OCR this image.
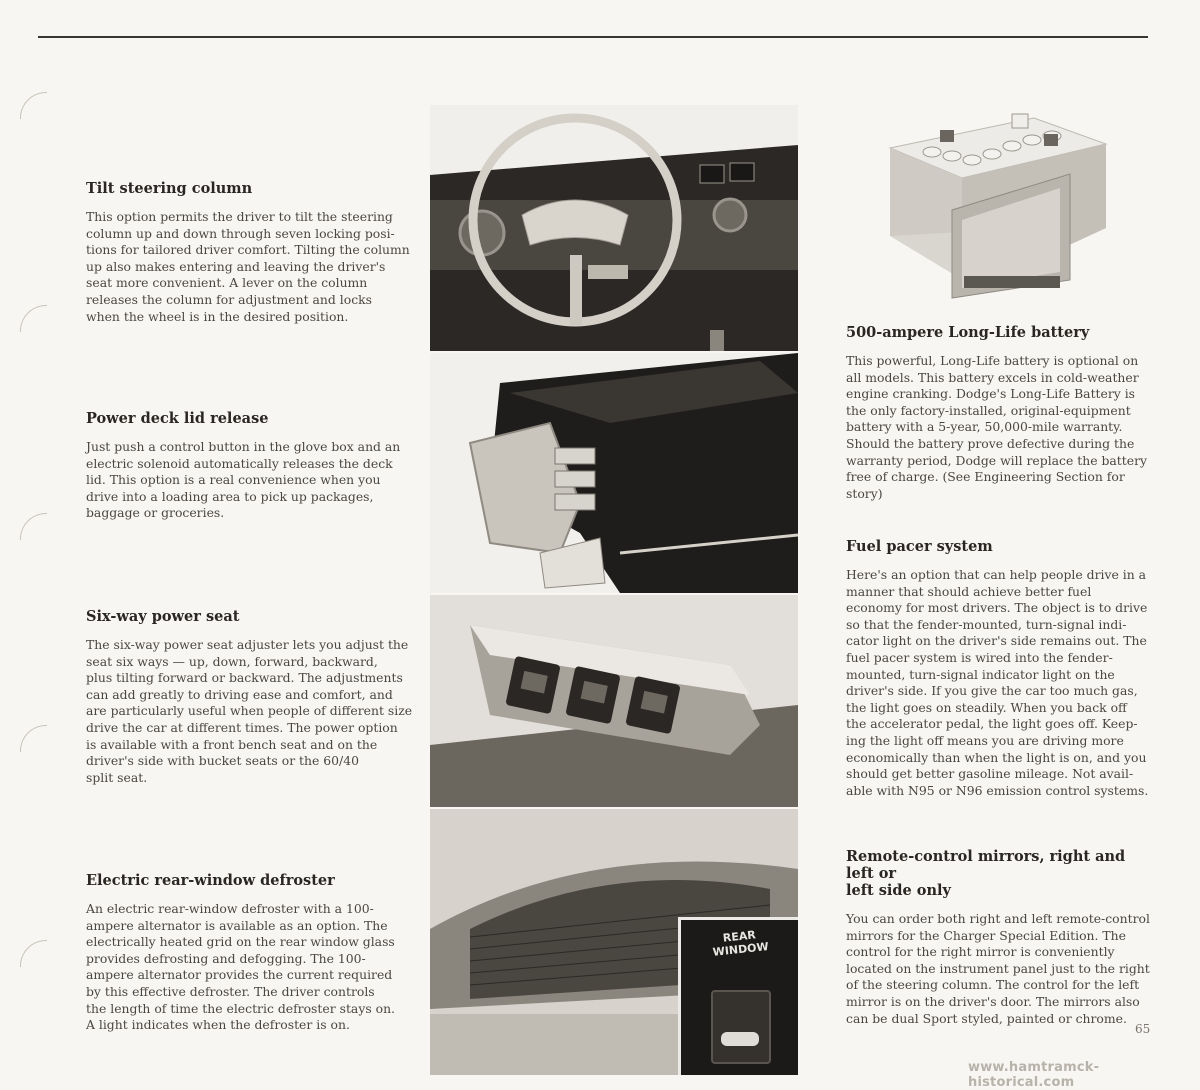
Tilt steering column

This option permits the driver to tilt the steering
column up and down through seven locking posi-
tions for tailored driver comfort. Tilting the column
up also makes entering and leaving the driver's
seat more convenient. A lever on the column
releases the column for adjustment and locks
when the wheel is in the desired position.

Power deck lid release

Just push a control button in the glove box and an
electric solenoid automatically releases the deck
lid. This option is a real convenience when you
drive into a loading area to pick up packages,
baggage or groceries.

Six-way power seat

The six-way power seat adjuster lets you adjust the
seat six ways — up, down, forward, backward,
plus tilting forward or backward. The adjustments
can add greatly to driving ease and comfort, and
are particularly useful when people of different size
drive the car at different times. The power option
is available with a front bench seat and on the
driver's side with bucket seats or the 60/40
split seat.

Electric rear-window defroster

An electric rear-window defroster with a 100-
ampere alternator is available as an option. The
electrically heated grid on the rear window glass
provides defrosting and defogging. The 100-
ampere alternator provides the current required
by this effective defroster. The driver controls
the length of time the electric defroster stays on.
A light indicates when the defroster is on.

500-ampere Long-Life battery

This powerful, Long-Life battery is optional on
all models. This battery excels in cold-weather
engine cranking. Dodge's Long-Life Battery is
the only factory-installed, original-equipment
battery with a 5-year, 50,000-mile warranty.
Should the battery prove defective during the
warranty period, Dodge will replace the battery
free of charge. (See Engineering Section for
story)

Fuel pacer system

Here's an option that can help people drive in a
manner that should achieve better fuel
economy for most drivers. The object is to drive
so that the fender-mounted, turn-signal indi-
cator light on the driver's side remains out. The
fuel pacer system is wired into the fender-
mounted, turn-signal indicator light on the
driver's side. If you give the car too much gas,
the light goes on steadily. When you back off
the accelerator pedal, the light goes off. Keep-
ing the light off means you are driving more
economically than when the light is on, and you
should get better gasoline mileage. Not avail-
able with N95 or N96 emission control systems.

Remote-control mirrors, right and left or
left side only

You can order both right and left remote-control
mirrors for the Charger Special Edition. The
control for the right mirror is conveniently
located on the instrument panel just to the right
of the steering column. The control for the left
mirror is on the driver's door. The mirrors also
can be dual Sport styled, painted or chrome.

REAR
WINDOW
65
www.hamtramck-historical.com
